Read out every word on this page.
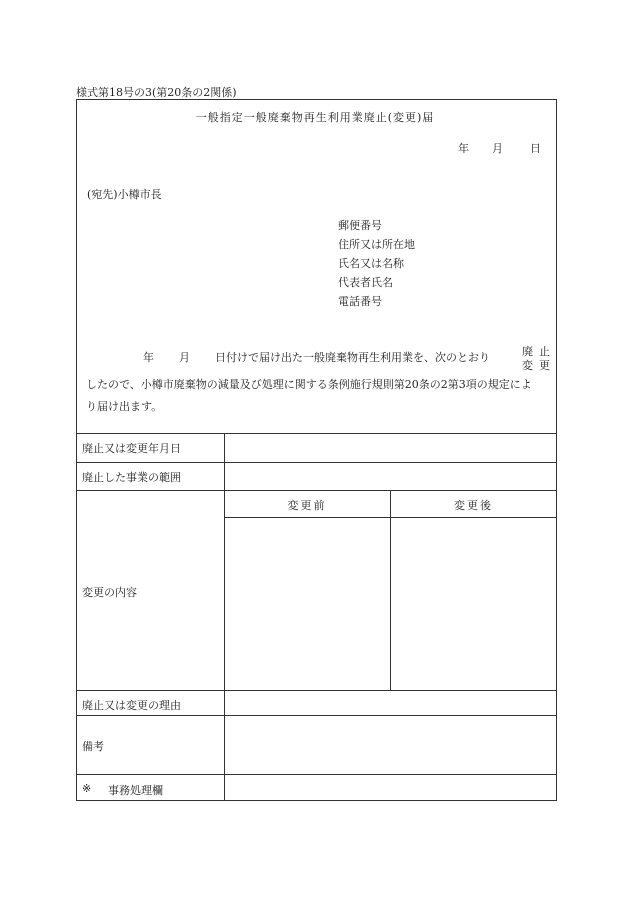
様式第18号の3(第20条の2関係)
一般指定一般廃棄物再生利用業廃止(変更)届
年 月 日
(宛先)小樽市長
郵便番号
住所又は所在地
氏名又は名称
代表者氏名
電話番号
年 月 日付けで届け出た一般廃棄物再生利用業を、次のとおり	廃止
変更
したので、小樽市廃棄物の減量及び処理に関する条例施行規則第20条の2第3項の規定によ
り届け出ます。
廃止又は変更年月日
廃止した事業の範囲
変更の内容
変更前	変更後
廃止又は変更の理由
備考
※ 事務処理欄
